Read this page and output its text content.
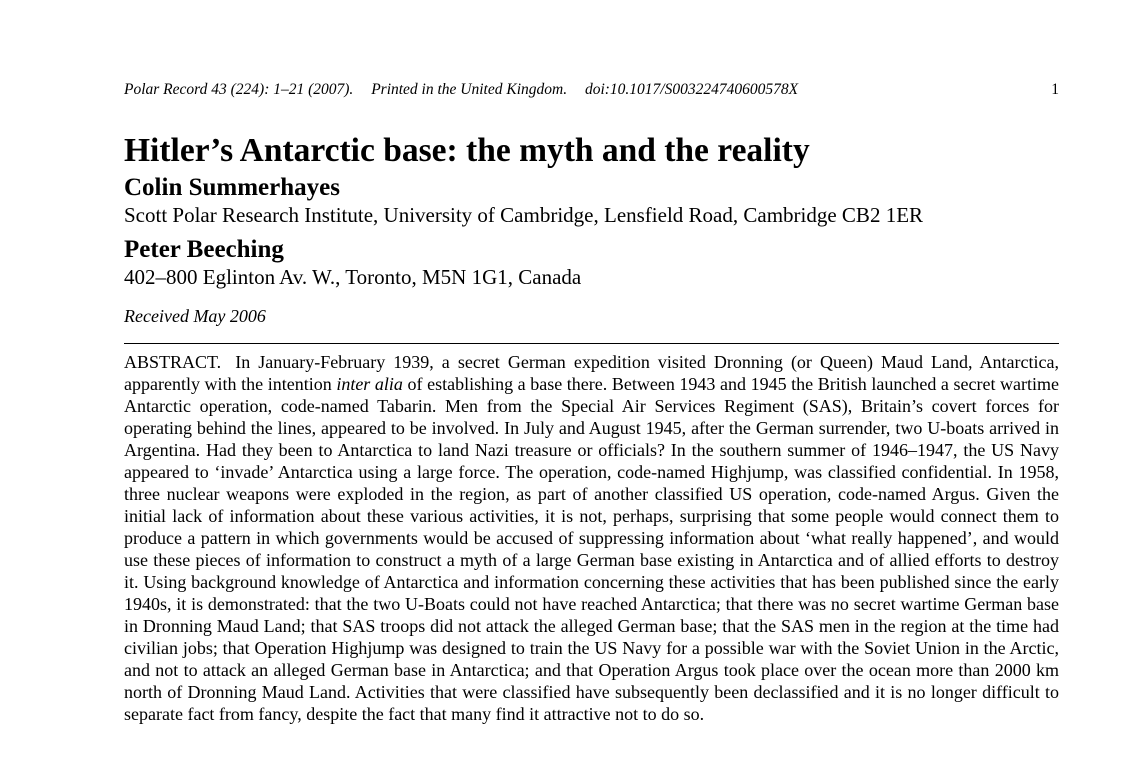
Polar Record 43 (224): 1–21 (2007). Printed in the United Kingdom. doi:10.1017/S003224740600578X	1
Hitler’s Antarctic base: the myth and the reality
Colin Summerhayes
Scott Polar Research Institute, University of Cambridge, Lensfield Road, Cambridge CB2 1ER
Peter Beeching
402–800 Eglinton Av. W., Toronto, M5N 1G1, Canada
Received May 2006

ABSTRACT. In January-February 1939, a secret German expedition visited Dronning (or Queen) Maud Land, Antarctica, apparently with the intention inter alia of establishing a base there. Between 1943 and 1945 the British launched a secret wartime Antarctic operation, code-named Tabarin. Men from the Special Air Services Regiment (SAS), Britain’s covert forces for operating behind the lines, appeared to be involved. In July and August 1945, after the German surrender, two U-boats arrived in Argentina. Had they been to Antarctica to land Nazi treasure or officials? In the southern summer of 1946–1947, the US Navy appeared to ‘invade’ Antarctica using a large force. The operation, code-named Highjump, was classified confidential. In 1958, three nuclear weapons were exploded in the region, as part of another classified US operation, code-named Argus. Given the initial lack of information about these various activities, it is not, perhaps, surprising that some people would connect them to produce a pattern in which governments would be accused of suppressing information about ‘what really happened’, and would use these pieces of information to construct a myth of a large German base existing in Antarctica and of allied efforts to destroy it. Using background knowledge of Antarctica and information concerning these activities that has been published since the early 1940s, it is demonstrated: that the two U-Boats could not have reached Antarctica; that there was no secret wartime German base in Dronning Maud Land; that SAS troops did not attack the alleged German base; that the SAS men in the region at the time had civilian jobs; that Operation Highjump was designed to train the US Navy for a possible war with the Soviet Union in the Arctic, and not to attack an alleged German base in Antarctica; and that Operation Argus took place over the ocean more than 2000 km north of Dronning Maud Land. Activities that were classified have subsequently been declassified and it is no longer difficult to separate fact from fancy, despite the fact that many find it attractive not to do so.
